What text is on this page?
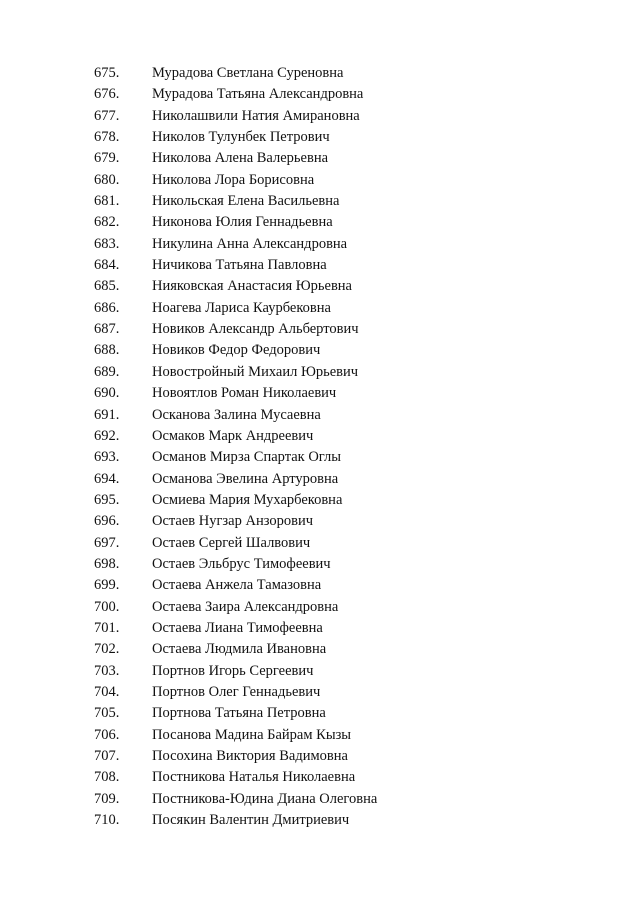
675. Мурадова Светлана Суреновна
676. Мурадова Татьяна Александровна
677. Николашвили Натия Амирановна
678. Николов Тулунбек Петрович
679. Николова Алена Валерьевна
680. Николова Лора Борисовна
681. Никольская Елена Васильевна
682. Никонова Юлия Геннадьевна
683. Никулина Анна Александровна
684. Ничикова Татьяна Павловна
685. Нияковская Анастасия Юрьевна
686. Ноагева Лариса Каурбековна
687. Новиков Александр Альбертович
688. Новиков Федор Федорович
689. Новостройный Михаил Юрьевич
690. Новоятлов Роман Николаевич
691. Осканова Залина Мусаевна
692. Осмаков Марк Андреевич
693. Османов Мирза Спартак Оглы
694. Османова Эвелина Артуровна
695. Осмиева Мария Мухарбековна
696. Остаев Нугзар Анзорович
697. Остаев Сергей Шалвович
698. Остаев Эльбрус Тимофеевич
699. Остаева Анжела Тамазовна
700. Остаева Заира Александровна
701. Остаева Лиана Тимофеевна
702. Остаева Людмила Ивановна
703. Портнов Игорь Сергеевич
704. Портнов Олег Геннадьевич
705. Портнова Татьяна Петровна
706. Посанова Мадина Байрам Кызы
707. Посохина Виктория Вадимовна
708. Постникова Наталья Николаевна
709. Постникова-Юдина Диана Олеговна
710. Посякин Валентин Дмитриевич
